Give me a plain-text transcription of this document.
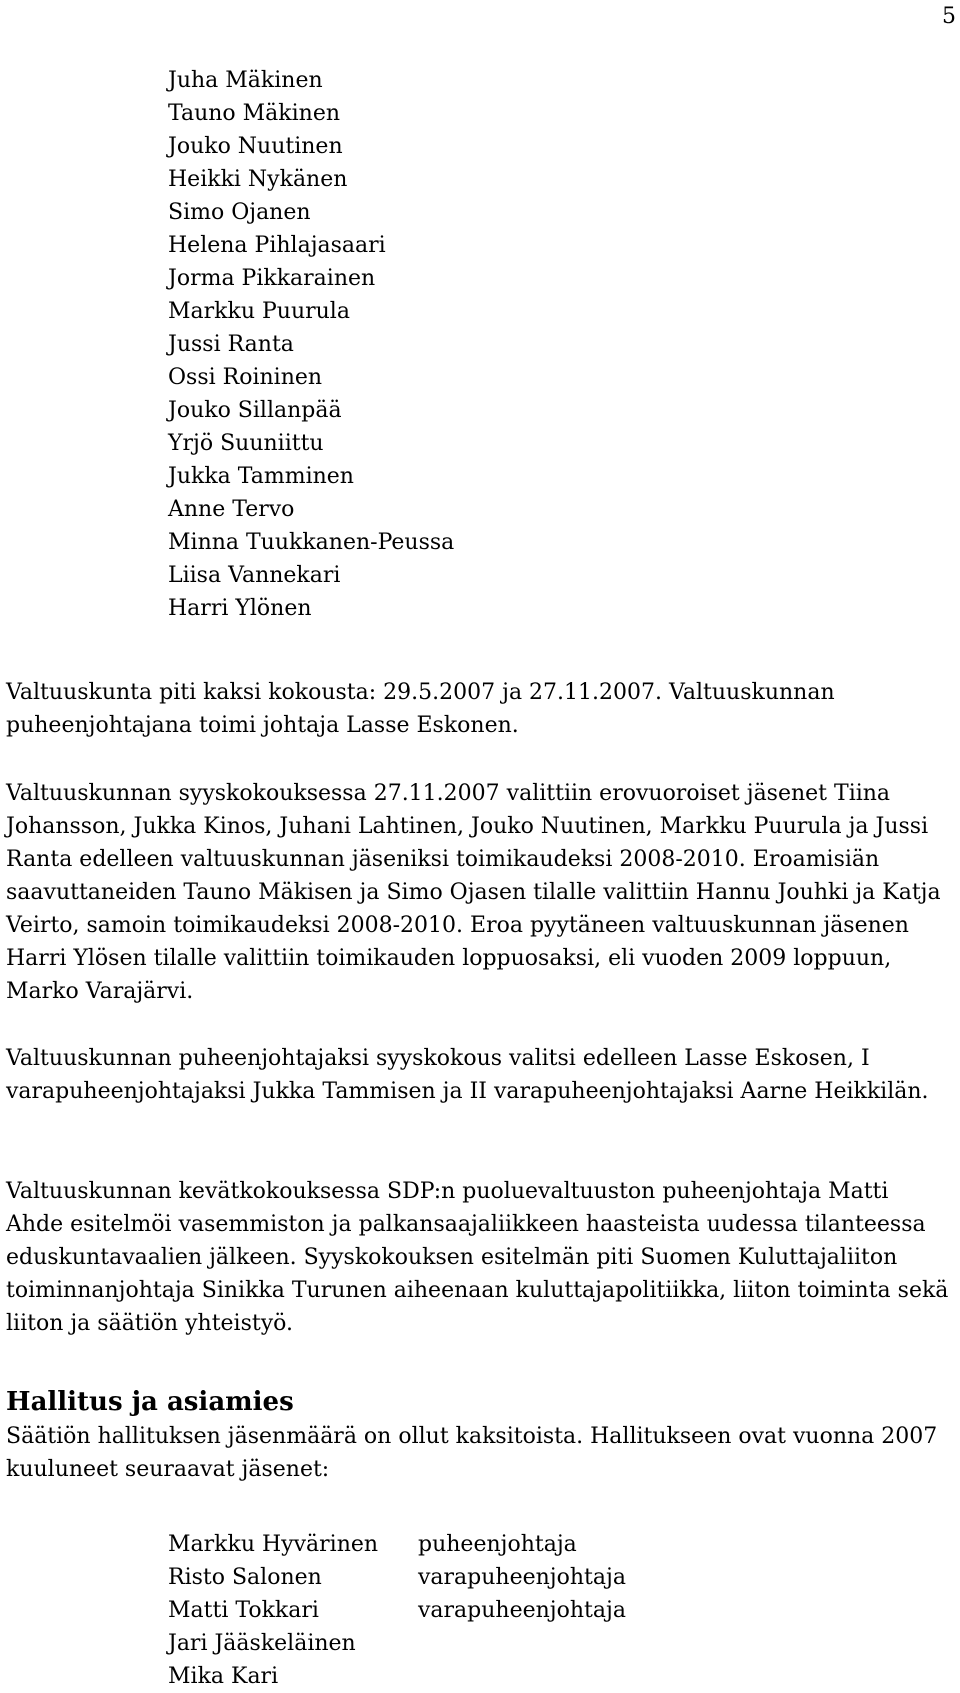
5
Juha Mäkinen
Tauno Mäkinen
Jouko Nuutinen
Heikki Nykänen
Simo Ojanen
Helena Pihlajasaari
Jorma Pikkarainen
Markku Puurula
Jussi Ranta
Ossi Roininen
Jouko Sillanpää
Yrjö Suuniittu
Jukka Tamminen
Anne Tervo
Minna Tuukkanen-Peussa
Liisa Vannekari
Harri Ylönen

Valtuuskunta piti kaksi kokousta: 29.5.2007 ja 27.11.2007. Valtuuskunnan puheenjohtajana toimi johtaja Lasse Eskonen.

Valtuuskunnan syyskokouksessa 27.11.2007 valittiin erovuoroiset jäsenet Tiina Johansson, Jukka Kinos, Juhani Lahtinen, Jouko Nuutinen, Markku Puurula ja Jussi Ranta edelleen valtuuskunnan jäseniksi toimikaudeksi 2008-2010. Eroamisiän saavuttaneiden Tauno Mäkisen ja Simo Ojasen tilalle valittiin Hannu Jouhki ja Katja Veirto, samoin toimikaudeksi 2008-2010. Eroa pyytäneen valtuuskunnan jäsenen Harri Ylösen tilalle valittiin toimikauden loppuosaksi, eli vuoden 2009 loppuun, Marko Varajärvi.

Valtuuskunnan puheenjohtajaksi syyskokous valitsi edelleen Lasse Eskosen, I varapuheenjohtajaksi Jukka Tammisen ja II varapuheenjohtajaksi Aarne Heikkilän.

Valtuuskunnan kevätkokouksessa SDP:n puoluevaltuuston puheenjohtaja Matti Ahde esitelmöi vasemmiston ja palkansaajaliikkeen haasteista uudessa tilanteessa eduskuntavaalien jälkeen. Syyskokouksen esitelmän piti Suomen Kuluttajaliiton toiminnanjohtaja Sinikka Turunen aiheenaan kuluttajapolitiikka, liiton toiminta sekä liiton ja säätiön yhteistyö.

Hallitus ja asiamies

Säätiön hallituksen jäsenmäärä on ollut kaksitoista. Hallitukseen ovat vuonna 2007 kuuluneet seuraavat jäsenet:

Markku Hyvärinen	puheenjohtaja
Risto Salonen	varapuheenjohtaja
Matti Tokkari	varapuheenjohtaja
Jari Jääskeläinen	
Mika Kari	
